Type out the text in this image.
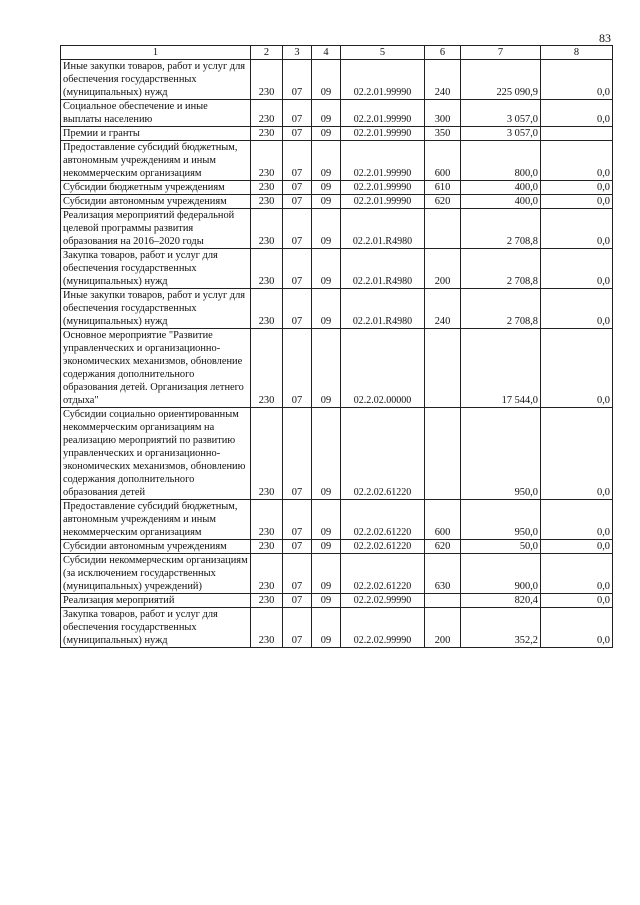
83
1	2	3	4	5	6	7	8
Иные закупки товаров, работ и услуг для обеспечения государственных (муниципальных) нужд	230	07	09	02.2.01.99990	240	225 090,9	0,0
Социальное обеспечение и иные выплаты населению	230	07	09	02.2.01.99990	300	3 057,0	0,0
Премии и гранты	230	07	09	02.2.01.99990	350	3 057,0	
Предоставление субсидий бюджетным, автономным учреждениям и иным некоммерческим организациям	230	07	09	02.2.01.99990	600	800,0	0,0
Субсидии бюджетным учреждениям	230	07	09	02.2.01.99990	610	400,0	0,0
Субсидии автономным учреждениям	230	07	09	02.2.01.99990	620	400,0	0,0
Реализация мероприятий федеральной целевой программы развития образования на 2016–2020 годы	230	07	09	02.2.01.R4980		2 708,8	0,0
Закупка товаров, работ и услуг для обеспечения государственных (муниципальных) нужд	230	07	09	02.2.01.R4980	200	2 708,8	0,0
Иные закупки товаров, работ и услуг для обеспечения государственных (муниципальных) нужд	230	07	09	02.2.01.R4980	240	2 708,8	0,0
Основное мероприятие "Развитие управленческих и организационно-экономических механизмов, обновление содержания дополнительного образования детей. Организация летнего отдыха"	230	07	09	02.2.02.00000		17 544,0	0,0
Субсидии социально ориентированным некоммерческим организациям на реализацию мероприятий по развитию управленческих и организационно-экономических механизмов, обновлению содержания дополнительного образования детей	230	07	09	02.2.02.61220		950,0	0,0
Предоставление субсидий бюджетным, автономным учреждениям и иным некоммерческим организациям	230	07	09	02.2.02.61220	600	950,0	0,0
Субсидии автономным учреждениям	230	07	09	02.2.02.61220	620	50,0	0,0
Субсидии некоммерческим организациям (за исключением государственных (муниципальных) учреждений)	230	07	09	02.2.02.61220	630	900,0	0,0
Реализация мероприятий	230	07	09	02.2.02.99990		820,4	0,0
Закупка товаров, работ и услуг для обеспечения государственных (муниципальных) нужд	230	07	09	02.2.02.99990	200	352,2	0,0
